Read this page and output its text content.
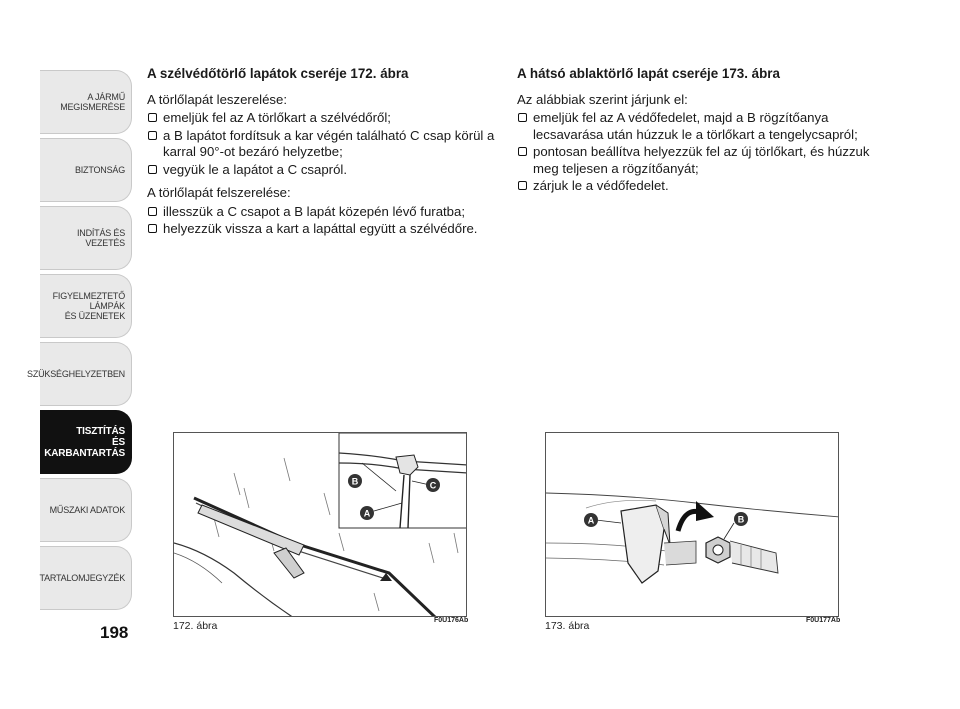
A JÁRMŰ
MEGISMERÉSE
BIZTONSÁG
INDÍTÁS ÉS VEZETÉS
FIGYELMEZTETŐ
LÁMPÁK
ÉS ÜZENETEK
SZÜKSÉGHELYZETBEN
TISZTÍTÁS
ÉS KARBANTARTÁS
MŰSZAKI ADATOK
TARTALOMJEGYZÉK
198
A szélvédőtörlő lapátok cseréje 172. ábra
A törlőlapát leszerelése:
emeljük fel az A törlőkart a szélvédőről;
a B lapátot fordítsuk a kar végén található C csap körül a karral 90°-ot bezáró helyzetbe;
vegyük le a lapátot a C csapról.
A törlőlapát felszerelése:
illesszük a C csapot a B lapát közepén lévő furatba;
helyezzük vissza a kart a lapáttal együtt a szélvédőre.
A hátsó ablaktörlő lapát cseréje 173. ábra
Az alábbiak szerint járjunk el:
emeljük fel az A védőfedelet, majd a B rögzítőanya lecsavarása után húzzuk le a törlőkart a tengelycsapról;
pontosan beállítva helyezzük fel az új törlőkart, és húzzuk meg teljesen a rögzítőanyát;
zárjuk le a védőfedelet.
B	C
A
172. ábra	F0U176Ab
A	B
173. ábra	F0U177Ab
